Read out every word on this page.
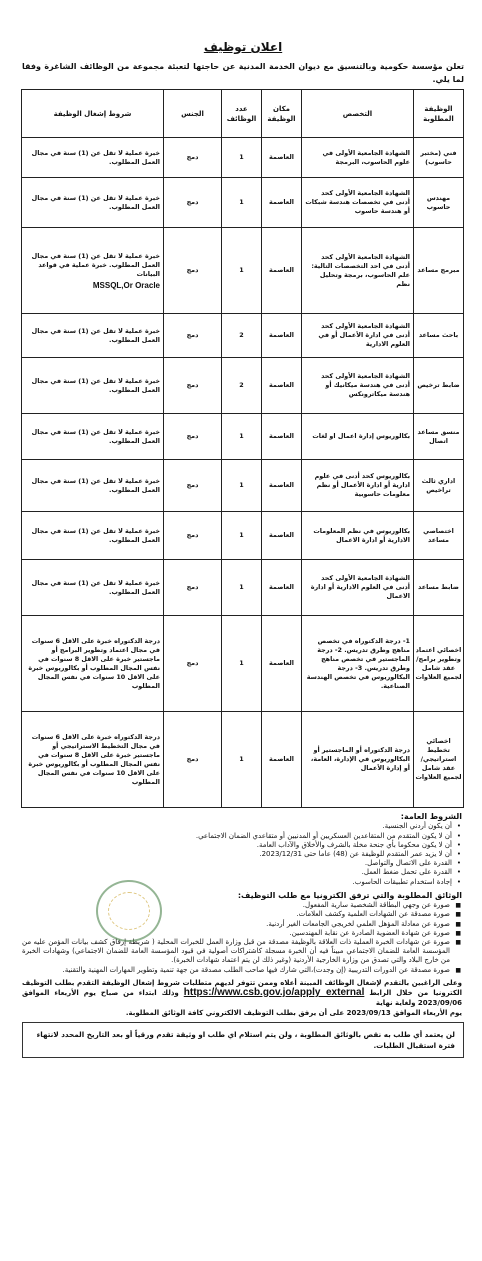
اعلان توظيف
تعلن مؤسسة حكومية وبالتنسيق مع ديوان الخدمة المدنية عن حاجتها لتعبئة مجموعة من الوظائف الشاغرة وفقا لما يلي.
الوظيفة المطلوبة	التخصص	مكان الوظيفة	عدد الوظائف	الجنس	شروط إشغال الوظيفة
فني (مختبر حاسوب)	الشهادة الجامعية الأولى في علوم الحاسوب، البرمجة	العاصمة	1	دمج	خبرة عملية لا تقل عن (1) سنة في مجال العمل المطلوب.
مهندس حاسوب	الشهادة الجامعية الأولى كحد أدنى في تخصصات هندسة شبكات أو هندسة حاسوب	العاصمة	1	دمج	خبرة عملية لا تقل عن (1) سنة في مجال العمل المطلوب.
مبرمج مساعد	الشهادة الجامعية الأولى كحد أدنى في احد التخصصات التالية: علم الحاسوب، برمجة وتحليل نظم	العاصمة	1	دمج	خبرة عملية لا تقل عن (1) سنة في مجال العمل المطلوب. خبرة عملية في قواعد البيانات
MSSQL,Or Oracle

باحث مساعد	الشهادة الجامعية الأولى كحد أدنى في ادارة الأعمال أو في العلوم الادارية	العاصمة	2	دمج	خبرة عملية لا تقل عن (1) سنة في مجال العمل المطلوب.
ضابط ترخيص	الشهادة الجامعية الأولى كحد أدنى في هندسة ميكانيك أو هندسة ميكاترونكس	العاصمة	2	دمج	خبرة عملية لا تقل عن (1) سنة في مجال العمل المطلوب.
منسق مساعد اتصال	بكالوريوس إدارة اعمال او لغات	العاصمة	1	دمج	خبرة عملية لا تقل عن (1) سنة في مجال العمل المطلوب.
اداري ثالث تراخيص	بكالوريوس كحد أدنى في علوم ادارية أو ادارة الأعمال أو نظم معلومات حاسوبية	العاصمة	1	دمج	خبرة عملية لا تقل عن (1) سنة في مجال العمل المطلوب.
اختصاصي مساعد	بكالوريوس في نظم المعلومات الادارية أو ادارة الاعمال	العاصمة	1	دمج	خبرة عملية لا تقل عن (1) سنة في مجال العمل المطلوب.
ضابط مساعد	الشهادة الجامعية الأولى كحد أدنى في العلوم الادارية أو ادارة الاعمال	العاصمة	1	دمج	خبرة عملية لا تقل عن (1) سنة في مجال العمل المطلوب.
اخصائي اعتماد وتطوير برامج/ عقد شامل لجميع العلاوات	1- درجة الدكتوراه في تخصص مناهج وطرق تدريس. 2- درجة الماجستير في تخصص مناهج وطرق تدريس. 3- درجة البكالوريوس في تخصص الهندسة الصناعية.	العاصمة	1	دمج	درجة الدكتوراه خبرة على الاقل 6 سنوات في مجال اعتماد وتطوير البرامج أو ماجستير خبرة على الاقل 8 سنوات في نفس المجال المطلوب أو بكالوريوس خبرة على الاقل 10 سنوات في نفس المجال المطلوب
اخصائي تخطيط استراتيجي/ عقد شامل لجميع العلاوات	درجة الدكتوراه أو الماجستير أو البكالوريوس في الإدارة، العامة، أو إدارة الأعمال	العاصمة	1	دمج	درجة الدكتوراه خبرة على الاقل 6 سنوات في مجال التخطيط الاستراتيجي أو ماجستير خبرة على الاقل 8 سنوات في نفس المجال المطلوب أو بكالوريوس خبرة على الاقل 10 سنوات في نفس المجال المطلوب
الشروط العامة:
• أن يكون أردني الجنسية.
• أن لا يكون المتقدم من المتقاعدين العسكريين أو المدنيين أو متقاعدي الضمان الاجتماعي.
• أن لا يكون محكوما بأي جنحة مخلة بالشرف والأخلاق والآداب العامة.
• أن لا يزيد عمر المتقدم للوظيفة عن (48) عاما حتى 2023/12/31.
• القدرة على الاتصال والتواصل.
• القدرة على تحمل ضغط العمل.
• إجادة استخدام تطبيقات الحاسوب.
الوثائق المطلوبة والتي ترفق الكترونيا مع طلب التوظيف:
■ صورة عن وجهي البطاقة الشخصية سارية المفعول.
■ صورة مصدقة عن الشهادات العلمية وكشف العلامات.
■ صورة عن معادلة المؤهل العلمي لخريجي الجامعات الغير أردنية.
■ صورة عن شهادة العضوية الصادرة عن نقابة المهندسين.
■ صورة عن شهادات الخبرة العملية ذات العلاقة بالوظيفة مصدقة من قبل وزارة العمل للخبرات المحلية ( شريطة إرفاق كشف بيانات المؤمن عليه من المؤسسة العامة للضمان الاجتماعي مبيناً فيه أن الخبرة مسجلة كاشتراكات أصولية في قيود المؤسسة العامة للضمان الاجتماعي) وشهادات الخبرة من خارج البلاد والتي تصدق من وزارة الخارجية الأردنية (وغير ذلك لن يتم اعتماد شهادات الخبرة).
■ صورة مصدقة عن الدورات التدريبية (إن وجدت)،التي شارك فيها صاحب الطلب مصدقة من جهة تنمية وتطوير المهارات المهنية والتقنية.
وعلى الراغبين بالتقدم لإشغال الوظائف المبينة أعلاه وممن تتوفر لديهم متطلبات شروط إشغال الوظيفة التقدم بطلب التوظيف الكترونيا من خلال الرابط https://www.csb.gov.jo/apply_external وذلك ابتداء من صباح يوم الأربعاء الموافق 2023/09/06 ولغاية نهاية
يوم الأربعاء الموافق 2023/09/13 على أن يرفق بطلب التوظيف الالكتروني كافة الوثائق المطلوبة.
لن يعتمد أي طلب به نقص بالوثائق المطلوبة ، ولن يتم استلام اي طلب او وثيقة تقدم ورقياً أو بعد التاريخ المحدد لانتهاء فترة استقبال الطلبات.
